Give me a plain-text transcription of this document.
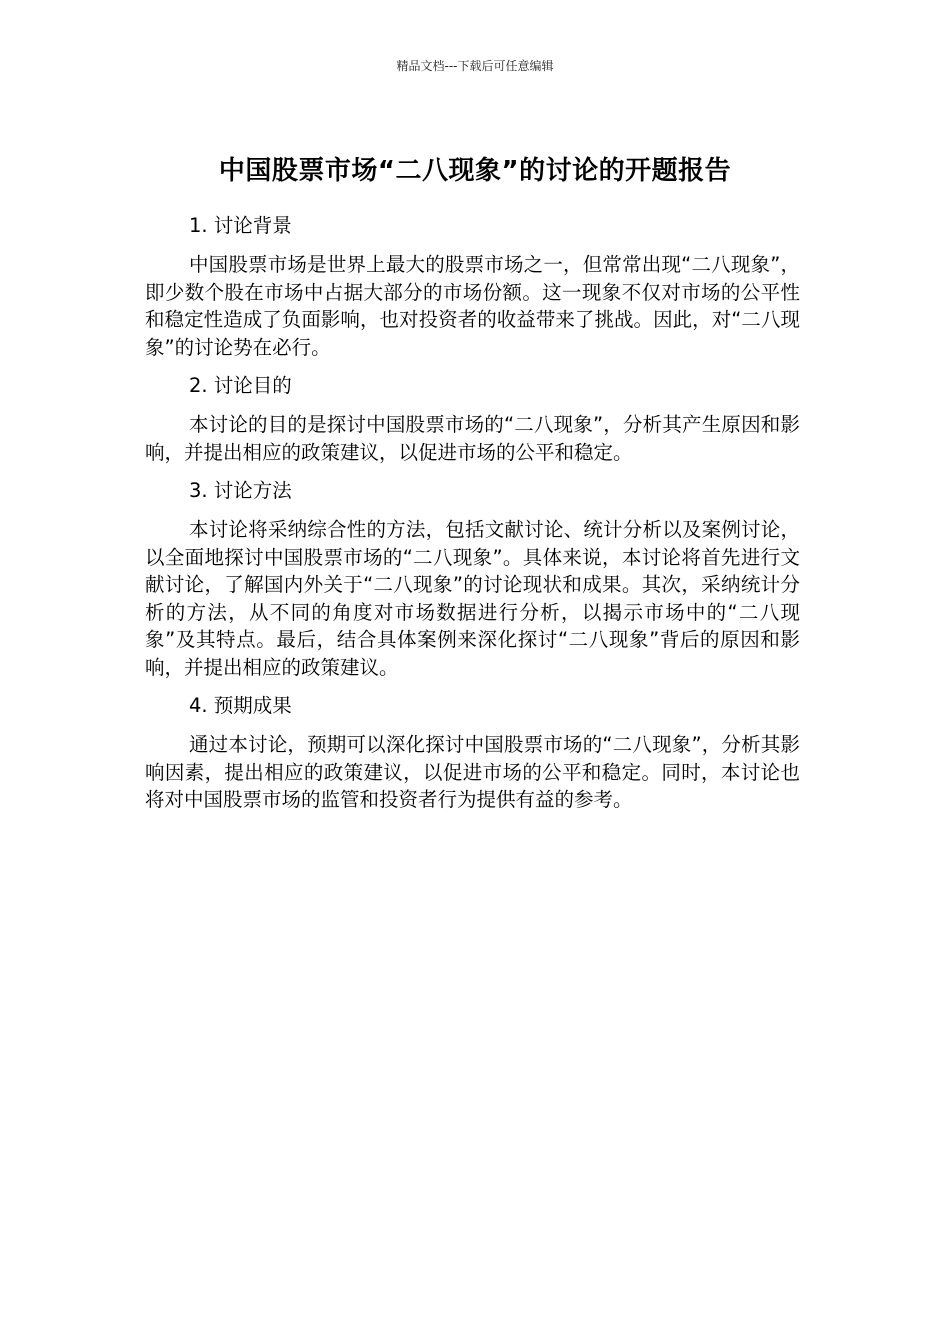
精品文档---下载后可任意编辑
中国股票市场“二八现象”的讨论的开题报告
1. 讨论背景

中国股票市场是世界上最大的股票市场之一，但常常出现“二八现象”，即少数个股在市场中占据大部分的市场份额。这一现象不仅对市场的公平性和稳定性造成了负面影响，也对投资者的收益带来了挑战。因此，对“二八现象”的讨论势在必行。

2. 讨论目的

本讨论的目的是探讨中国股票市场的“二八现象”，分析其产生原因和影响，并提出相应的政策建议，以促进市场的公平和稳定。

3. 讨论方法

本讨论将采纳综合性的方法，包括文献讨论、统计分析以及案例讨论，以全面地探讨中国股票市场的“二八现象”。具体来说，本讨论将首先进行文献讨论，了解国内外关于“二八现象”的讨论现状和成果。其次，采纳统计分析的方法，从不同的角度对市场数据进行分析，以揭示市场中的“二八现象”及其特点。最后，结合具体案例来深化探讨“二八现象”背后的原因和影响，并提出相应的政策建议。

4. 预期成果

通过本讨论，预期可以深化探讨中国股票市场的“二八现象”，分析其影响因素，提出相应的政策建议，以促进市场的公平和稳定。同时，本讨论也将对中国股票市场的监管和投资者行为提供有益的参考。
